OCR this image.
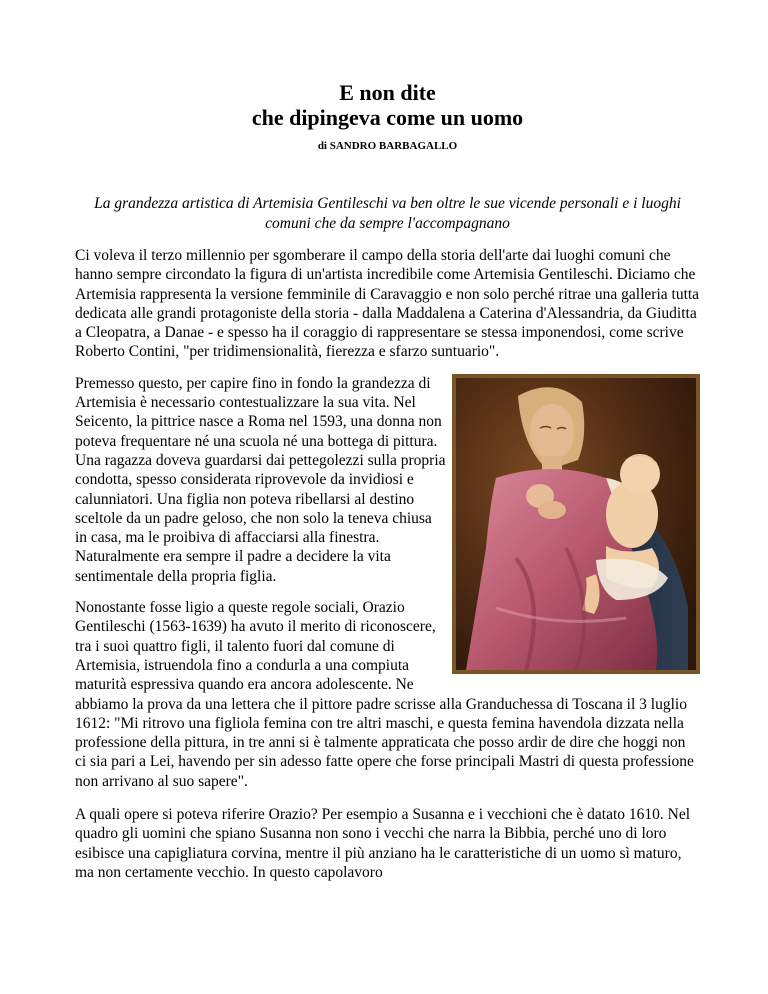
E non dite
che dipingeva come un uomo
di SANDRO BARBAGALLO
La grandezza artistica di Artemisia Gentileschi va ben oltre le sue vicende personali e i luoghi comuni che da sempre l'accompagnano

Ci voleva il terzo millennio per sgomberare il campo della storia dell'arte dai luoghi comuni che hanno sempre circondato la figura di un'artista incredibile come Artemisia Gentileschi. Diciamo che Artemisia rappresenta la versione femminile di Caravaggio e non solo perché ritrae una galleria tutta dedicata alle grandi protagoniste della storia - dalla Maddalena a Caterina d'Alessandria, da Giuditta a Cleopatra, a Danae - e spesso ha il coraggio di rappresentare se stessa imponendosi, come scrive Roberto Contini, "per tridimensionalità, fierezza e sfarzo suntuario".

Premesso questo, per capire fino in fondo la grandezza di Artemisia è necessario contestualizzare la sua vita. Nel Seicento, la pittrice nasce a Roma nel 1593, una donna non poteva frequentare né una scuola né una bottega di pittura. Una ragazza doveva guardarsi dai pettegolezzi sulla propria condotta, spesso considerata riprovevole da invidiosi e calunniatori. Una figlia non poteva ribellarsi al destino sceltole da un padre geloso, che non solo la teneva chiusa in casa, ma le proibiva di affacciarsi alla finestra. Naturalmente era sempre il padre a decidere la vita sentimentale della propria figlia.

Nonostante fosse ligio a queste regole sociali, Orazio Gentileschi (1563-1639) ha avuto il merito di riconoscere, tra i suoi quattro figli, il talento fuori dal comune di Artemisia, istruendola fino a condurla a una compiuta maturità espressiva quando era ancora adolescente. Ne abbiamo la prova da una lettera che il pittore padre scrisse alla Granduchessa di Toscana il 3 luglio 1612: "Mi ritrovo una figliola femina con tre altri maschi, e questa femina havendola dizzata nella professione della pittura, in tre anni si è talmente appraticata che posso ardir de dire che hoggi non ci sia pari a Lei, havendo per sin adesso fatte opere che forse principali Mastri di questa professione non arrivano al suo sapere".

A quali opere si poteva riferire Orazio? Per esempio a Susanna e i vecchioni che è datato 1610. Nel quadro gli uomini che spiano Susanna non sono i vecchi che narra la Bibbia, perché uno di loro esibisce una capigliatura corvina, mentre il più anziano ha le caratteristiche di un uomo sì maturo, ma non certamente vecchio. In questo capolavoro
